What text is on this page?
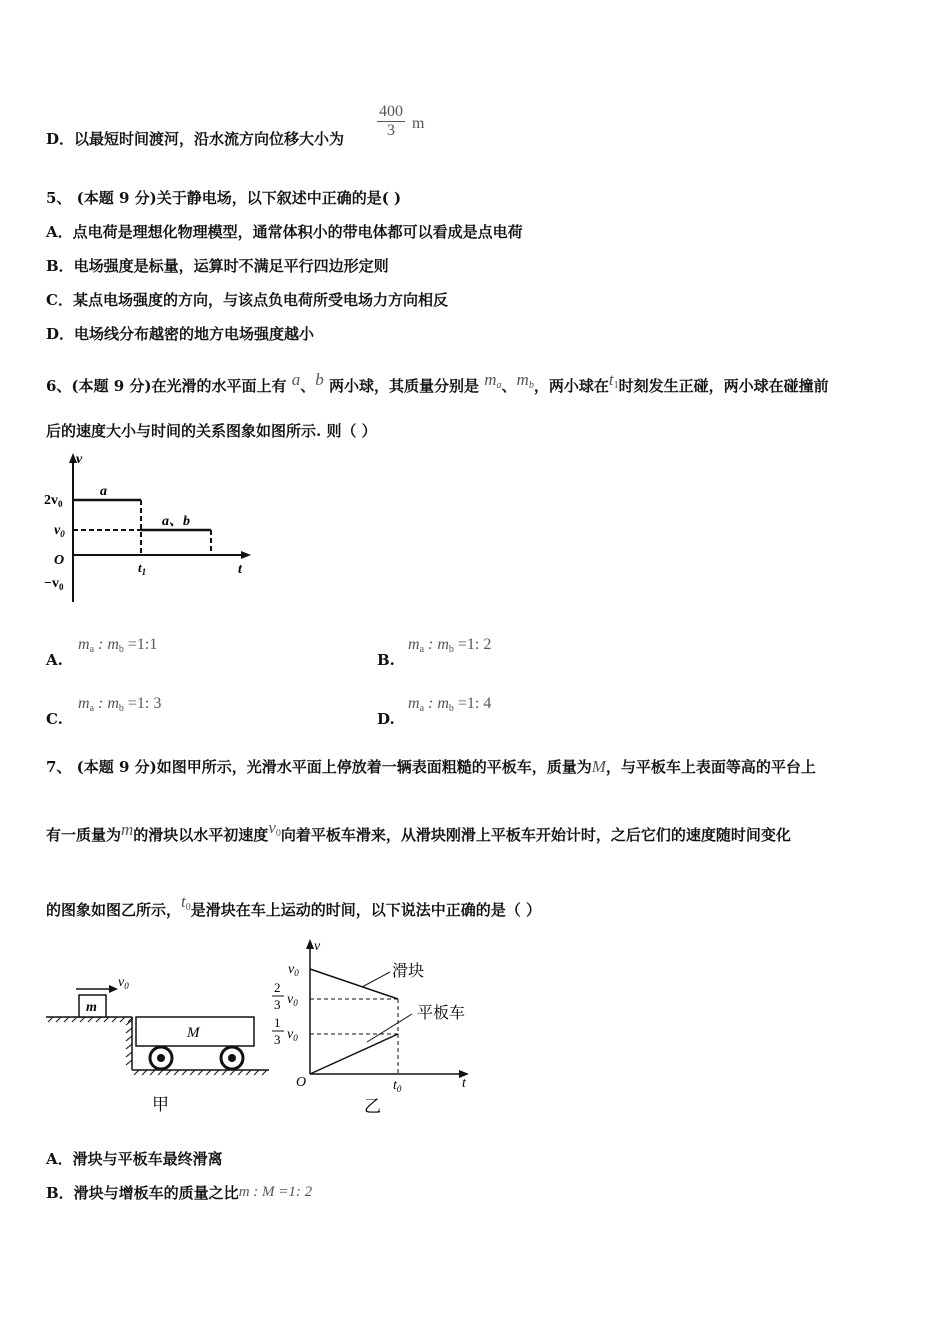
D．以最短时间渡河，沿水流方向位移大小为 $\frac{400}{3}$ m
5、 (本题 9 分)关于静电场，以下叙述中正确的是( )
A．点电荷是理想化物理模型，通常体积小的带电体都可以看成是点电荷
B．电场强度是标量，运算时不满足平行四边形定则
C．某点电场强度的方向，与该点负电荷所受电场力方向相反
D．电场线分布越密的地方电场强度越小
6、(本题 9 分)在光滑的水平面上有 a、b 两小球，其质量分别是 $m_a$、$m_b$，两小球在$t_1$时刻发生正碰，两小球在碰撞前
后的速度大小与时间的关系图象如图所示. 则（ ）
v
t
O
$2v_0$
$v_0$
$-v_0$
$t_1$
a
a、b
A.
$m_a$ : $m_b$ =1:1
B.
$m_a$ : $m_b =1$: 2
C.
$m_a$ : $m_b =1$: 3
D.
$m_a$ : $m_b =1$: 4
7、 (本题 9 分)如图甲所示，光滑水平面上停放着一辆表面粗糙的平板车，质量为M，与平板车上表面等高的平台上
有一质量为m的滑块以水平初速度$v_0$向着平板车滑来，从滑块刚滑上平板车开始计时，之后它们的速度随时间变化
的图象如图乙所示，$t_0$是滑块在车上运动的时间，以下说法中正确的是（ ）
m
$v_0$
M
甲
v
t
O
$v_0$
2
3 $v_0$
1
3 $v_0$
$t_0$
滑块
平板车
乙
A．滑块与平板车最终滑离
B．滑块与增板车的质量之比m : M =1: 2
